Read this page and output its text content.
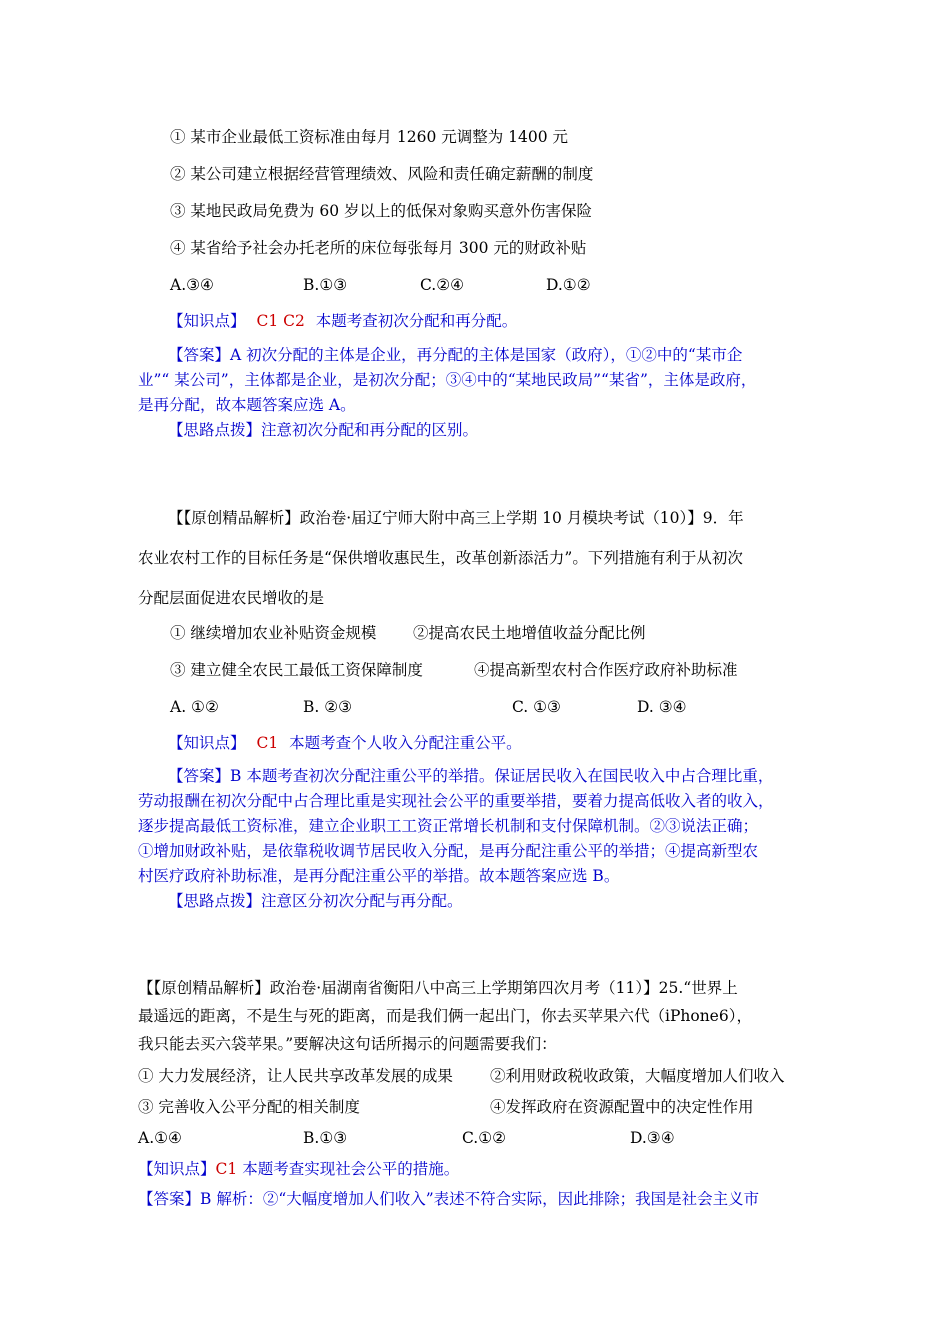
① 某市企业最低工资标准由每月 1260 元调整为 1400 元
② 某公司建立根据经营管理绩效、风险和责任确定薪酬的制度
③ 某地民政局免费为 60 岁以上的低保对象购买意外伤害保险
④ 某省给予社会办托老所的床位每张每月 300 元的财政补贴
A.③④	B.①③	C.②④	D.①②
【知识点】 C1 C2 本题考查初次分配和再分配。
【答案】A 初次分配的主体是企业，再分配的主体是国家（政府），①②中的“某市企
业”“ 某公司”，主体都是企业，是初次分配；③④中的“某地民政局”“某省”，主体是政府，
是再分配，故本题答案应选 A。
【思路点拨】注意初次分配和再分配的区别。
【【原创精品解析】政治卷·届辽宁师大附中高三上学期 10 月模块考试（10）】9．年
农业农村工作的目标任务是“保供增收惠民生，改革创新添活力”。下列措施有利于从初次
分配层面促进农民增收的是
① 继续增加农业补贴资金规模 ②提高农民土地增值收益分配比例
③ 建立健全农民工最低工资保障制度	④提高新型农村合作医疗政府补助标准
A. ①②	B. ②③	C. ①③	D. ③④
【知识点】 C1 本题考查个人收入分配注重公平。
【答案】B 本题考查初次分配注重公平的举措。保证居民收入在国民收入中占合理比重，
劳动报酬在初次分配中占合理比重是实现社会公平的重要举措，要着力提高低收入者的收入，
逐步提高最低工资标准，建立企业职工工资正常增长机制和支付保障机制。②③说法正确；
①增加财政补贴，是依靠税收调节居民收入分配，是再分配注重公平的举措；④提高新型农
村医疗政府补助标准，是再分配注重公平的举措。故本题答案应选 B。
【思路点拨】注意区分初次分配与再分配。
【【原创精品解析】政治卷·届湖南省衡阳八中高三上学期第四次月考（11）】25.“世界上
最遥远的距离，不是生与死的距离，而是我们俩一起出门，你去买苹果六代（iPhone6），
我只能去买六袋苹果。”要解决这句话所揭示的问题需要我们：
① 大力发展经济，让人民共享改革发展的成果 ②利用财政税收政策，大幅度增加人们收入
③ 完善收入公平分配的相关制度	④发挥政府在资源配置中的决定性作用
A.①④	B.①③	C.①②	D.③④
【知识点】C1 本题考查实现社会公平的措施。
【答案】B 解析：②“大幅度增加人们收入”表述不符合实际，因此排除；我国是社会主义市
